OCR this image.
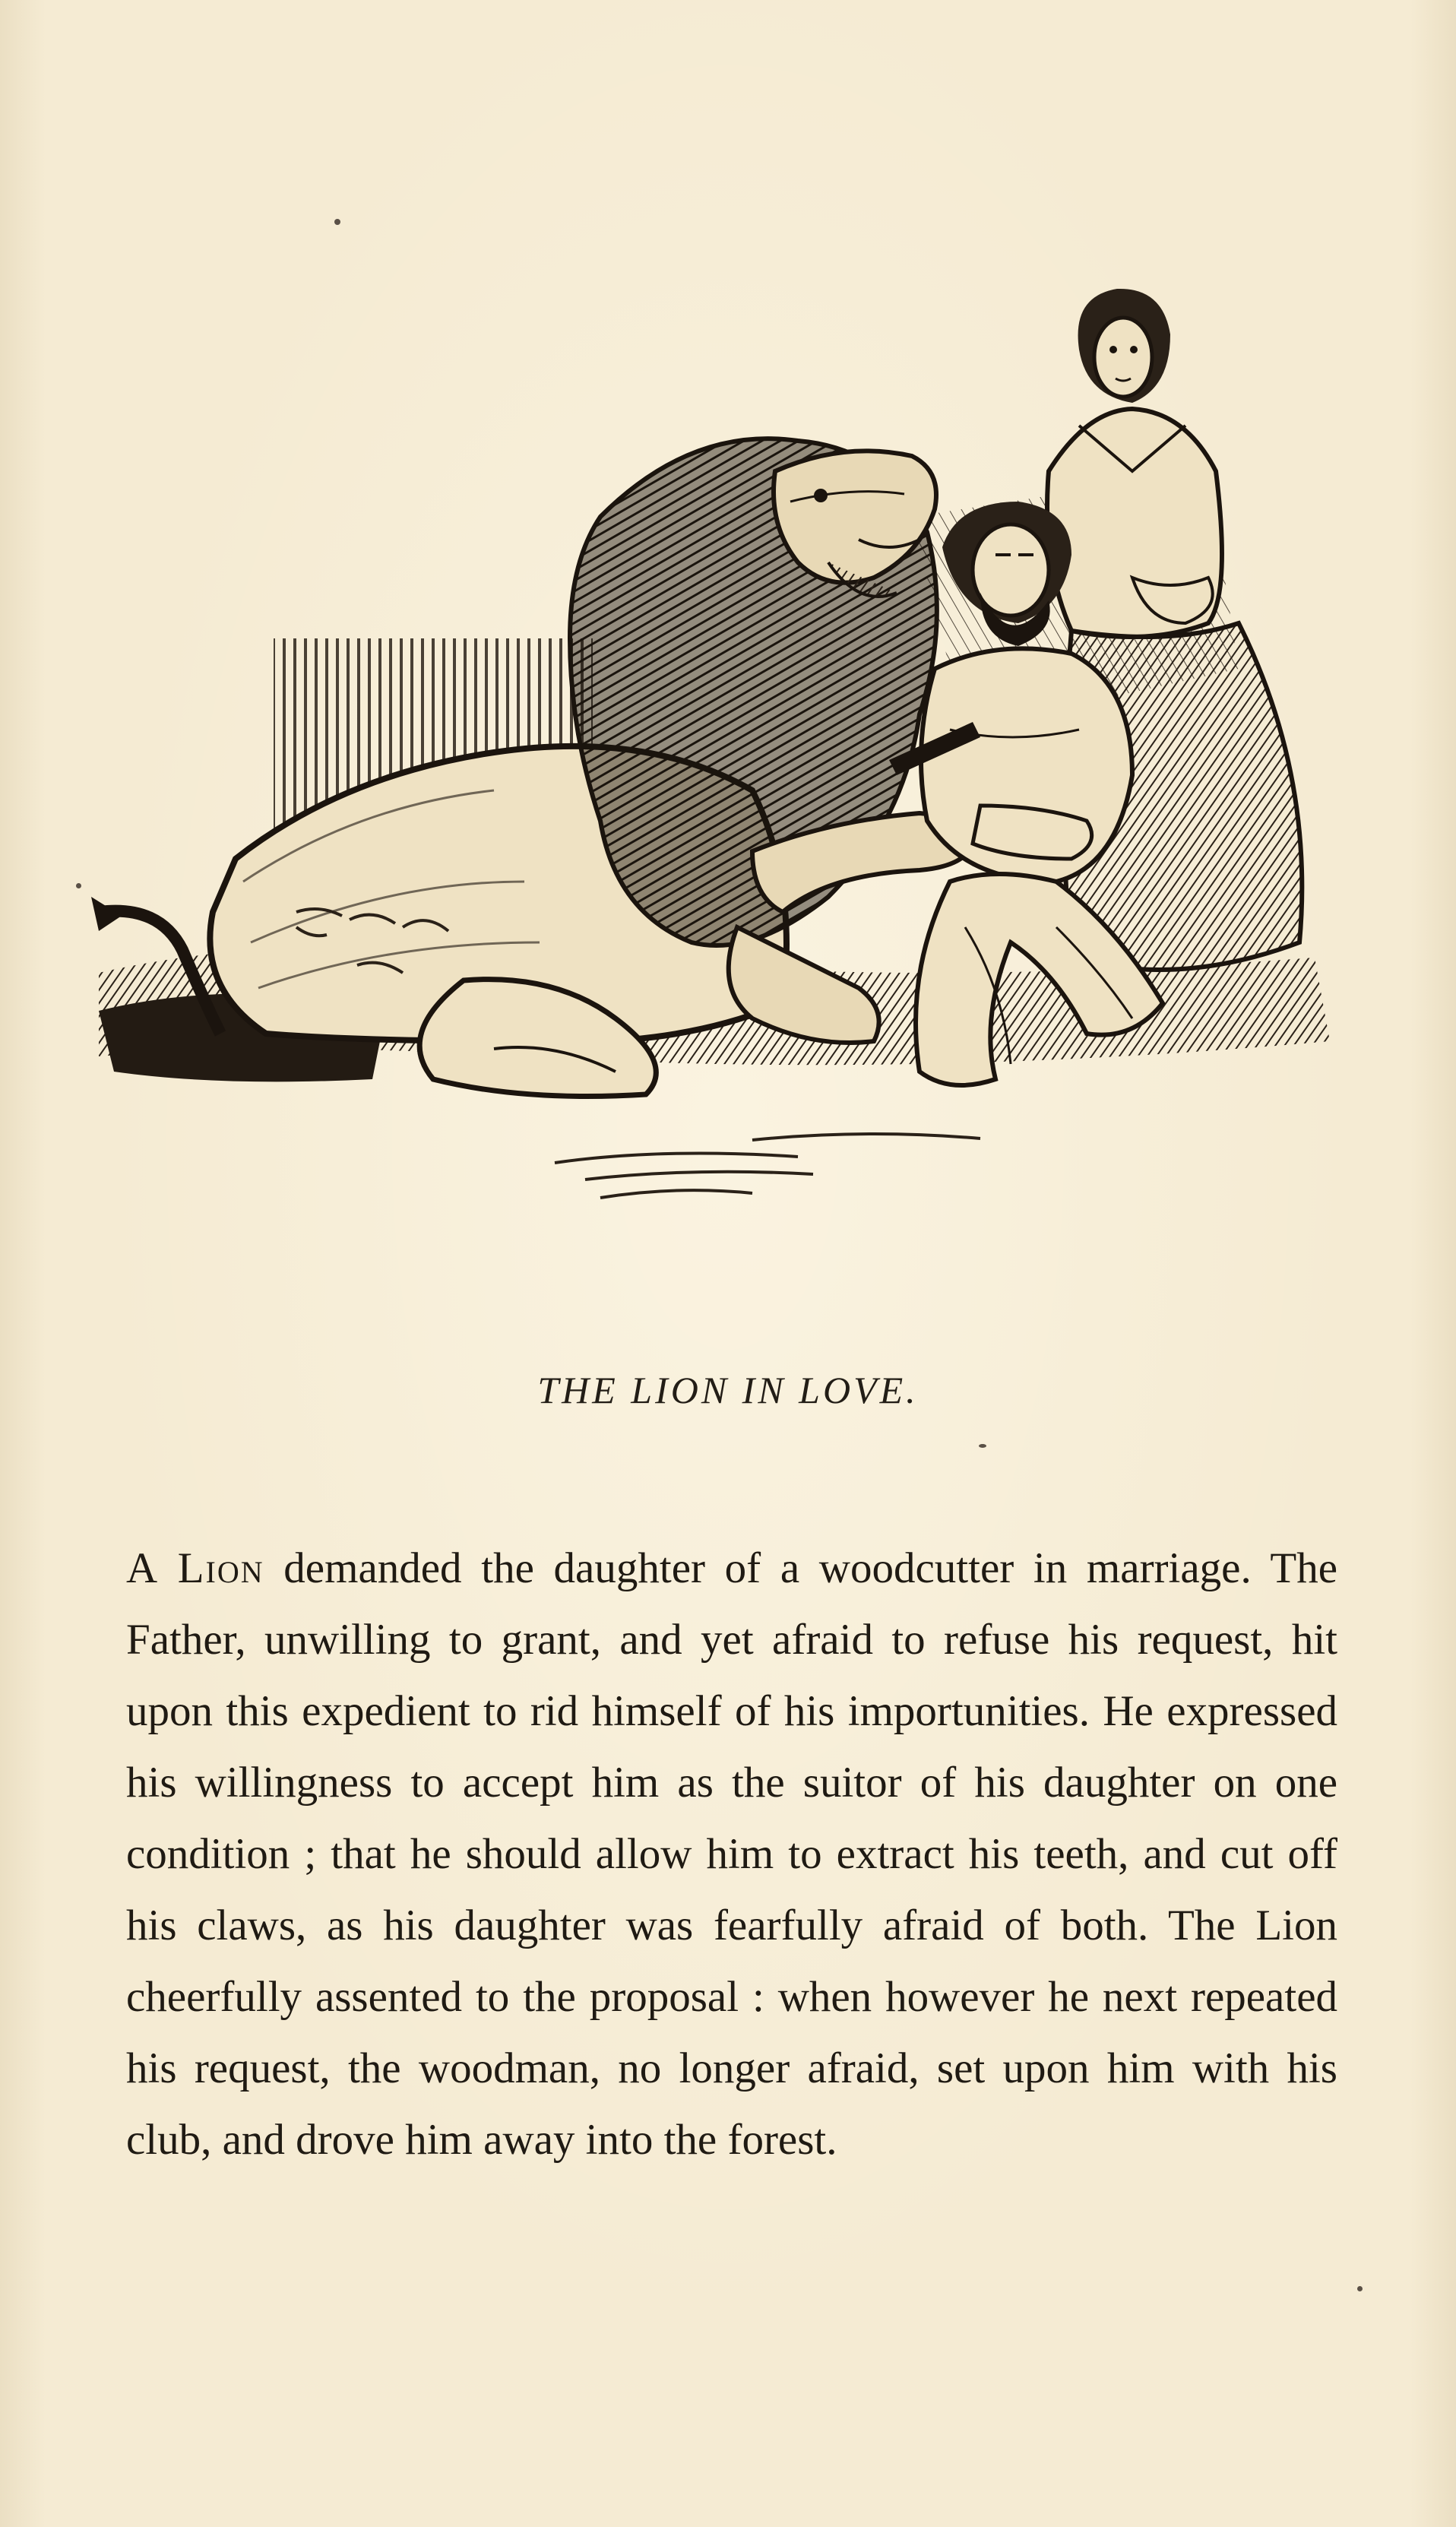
THE LION IN LOVE.

A Lion demanded the daughter of a woodcutter in marriage. The Father, unwilling to grant, and yet afraid to refuse his request, hit upon this expedient to rid himself of his importunities. He expressed his willingness to accept him as the suitor of his daughter on one condition ; that he should allow him to extract his teeth, and cut off his claws, as his daughter was fearfully afraid of both. The Lion cheerfully assented to the proposal : when however he next repeated his request, the woodman, no longer afraid, set upon him with his club, and drove him away into the forest.
